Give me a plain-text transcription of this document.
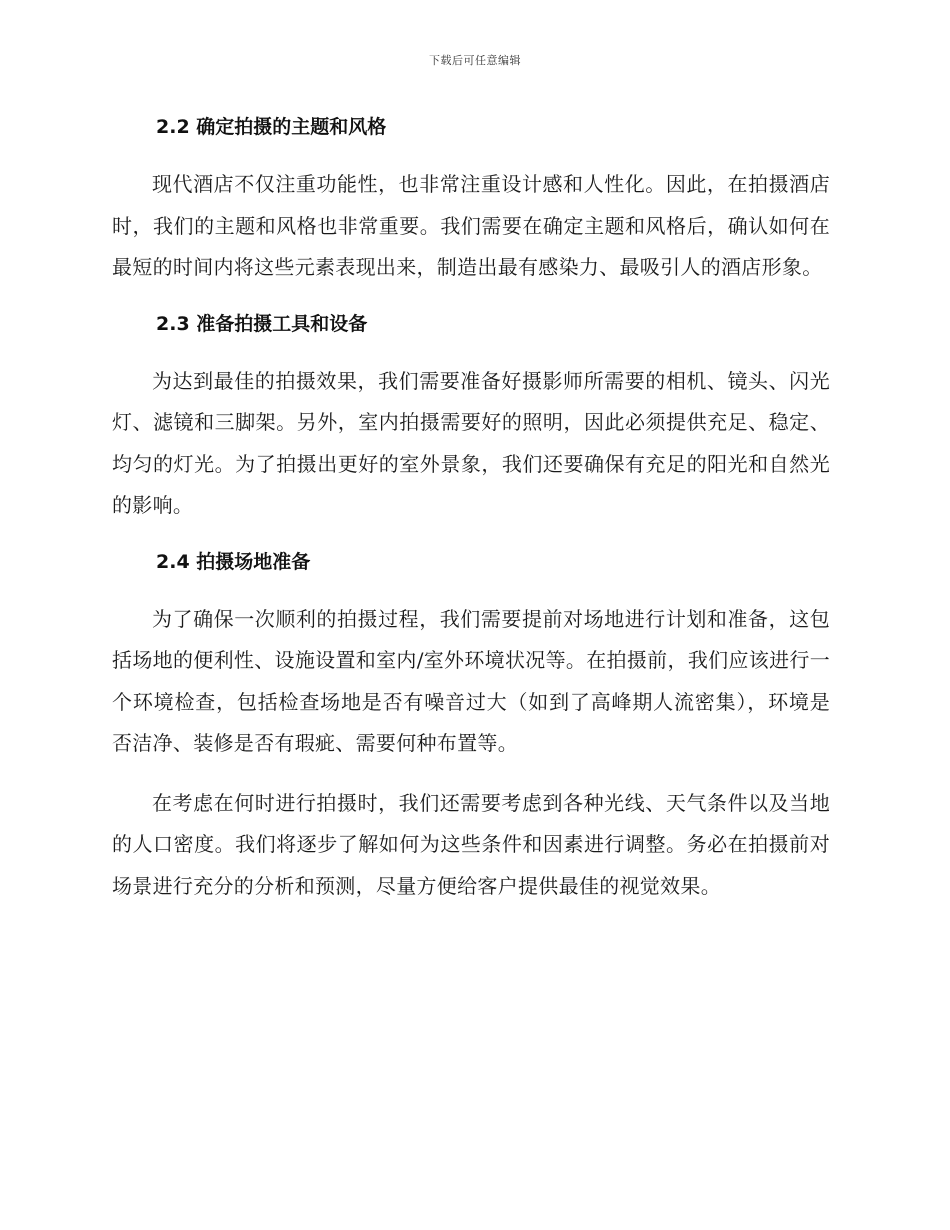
下载后可任意编辑
2.2 确定拍摄的主题和风格

现代酒店不仅注重功能性，也非常注重设计感和人性化。因此，在拍摄酒店时，我们的主题和风格也非常重要。我们需要在确定主题和风格后，确认如何在最短的时间内将这些元素表现出来，制造出最有感染力、最吸引人的酒店形象。

2.3 准备拍摄工具和设备

为达到最佳的拍摄效果，我们需要准备好摄影师所需要的相机、镜头、闪光灯、滤镜和三脚架。另外，室内拍摄需要好的照明，因此必须提供充足、稳定、均匀的灯光。为了拍摄出更好的室外景象，我们还要确保有充足的阳光和自然光的影响。

2.4 拍摄场地准备

为了确保一次顺利的拍摄过程，我们需要提前对场地进行计划和准备，这包括场地的便利性、设施设置和室内/室外环境状况等。在拍摄前，我们应该进行一个环境检查，包括检查场地是否有噪音过大（如到了高峰期人流密集），环境是否洁净、装修是否有瑕疵、需要何种布置等。

在考虑在何时进行拍摄时，我们还需要考虑到各种光线、天气条件以及当地的人口密度。我们将逐步了解如何为这些条件和因素进行调整。务必在拍摄前对场景进行充分的分析和预测，尽量方便给客户提供最佳的视觉效果。
